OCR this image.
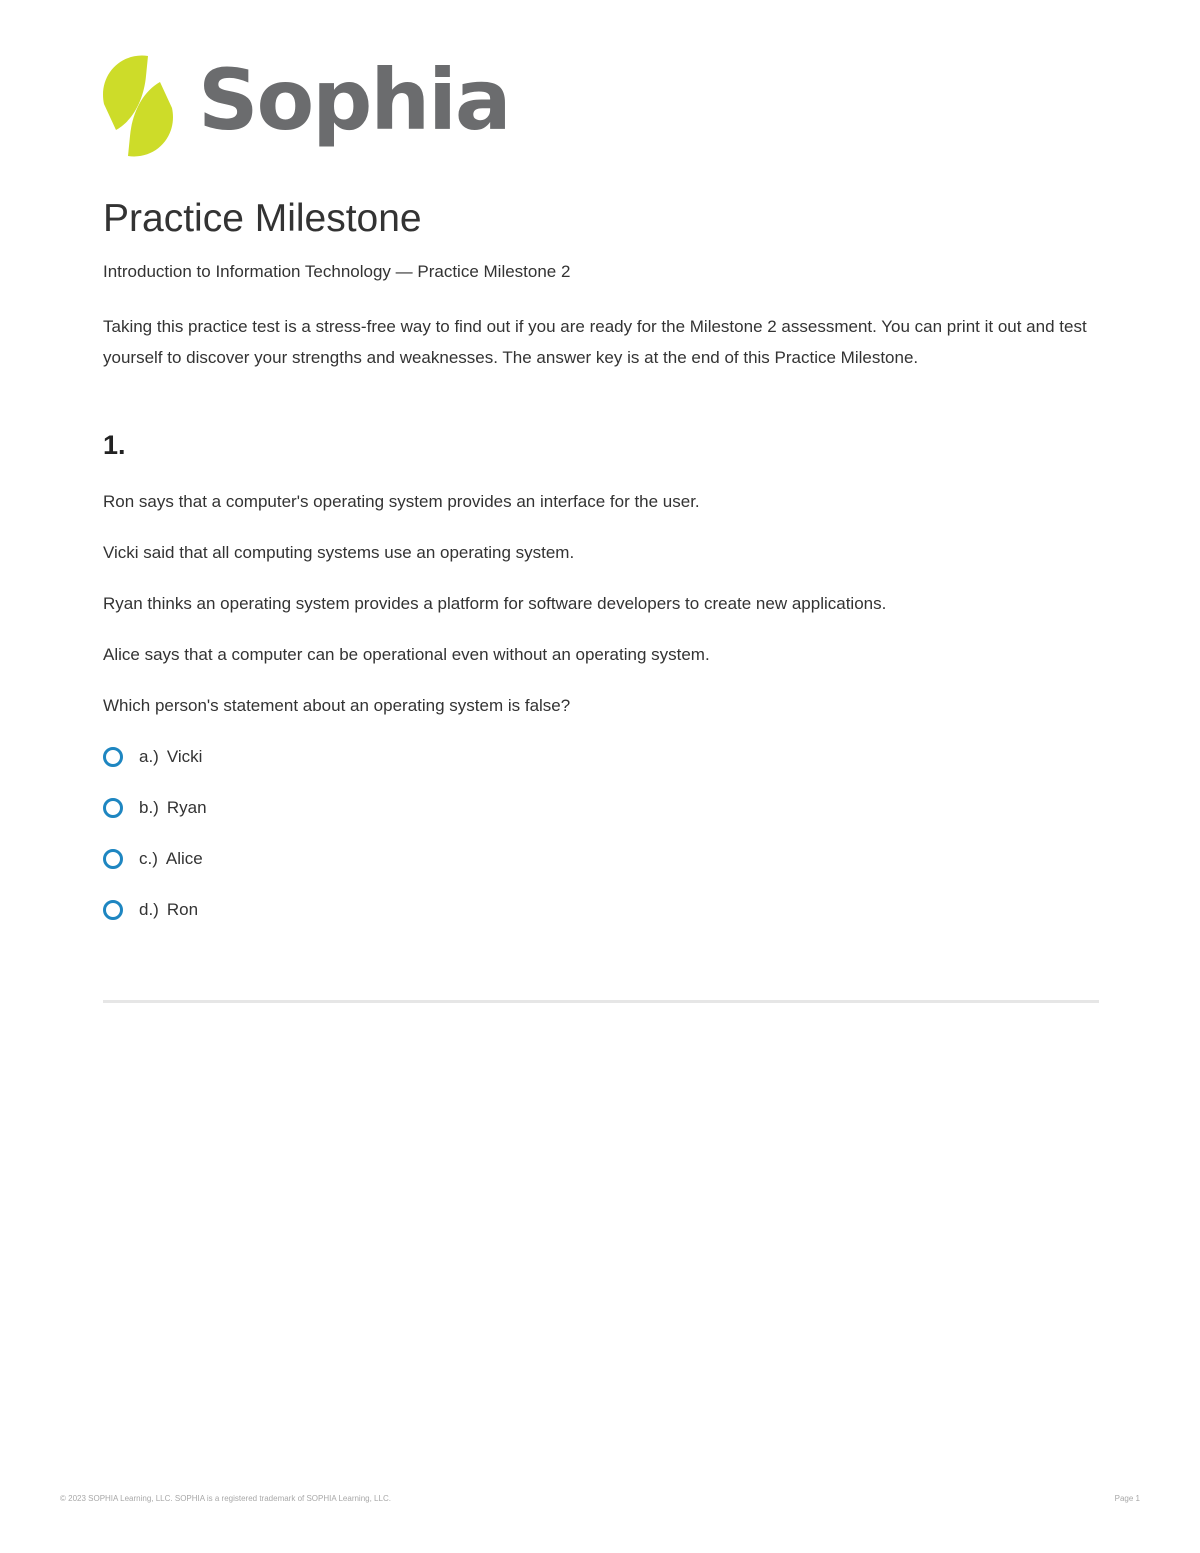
Sophia
Practice Milestone

Introduction to Information Technology — Practice Milestone 2

Taking this practice test is a stress-free way to find out if you are ready for the Milestone 2 assessment. You can print it out and test yourself to discover your strengths and weaknesses. The answer key is at the end of this Practice Milestone.

1.

Ron says that a computer's operating system provides an interface for the user.

Vicki said that all computing systems use an operating system.

Ryan thinks an operating system provides a platform for software developers to create new applications.

Alice says that a computer can be operational even without an operating system.

Which person's statement about an operating system is false?

a.) Vicki
b.) Ryan
c.) Alice
d.) Ron
© 2023 SOPHIA Learning, LLC. SOPHIA is a registered trademark of SOPHIA Learning, LLC.	Page 1
